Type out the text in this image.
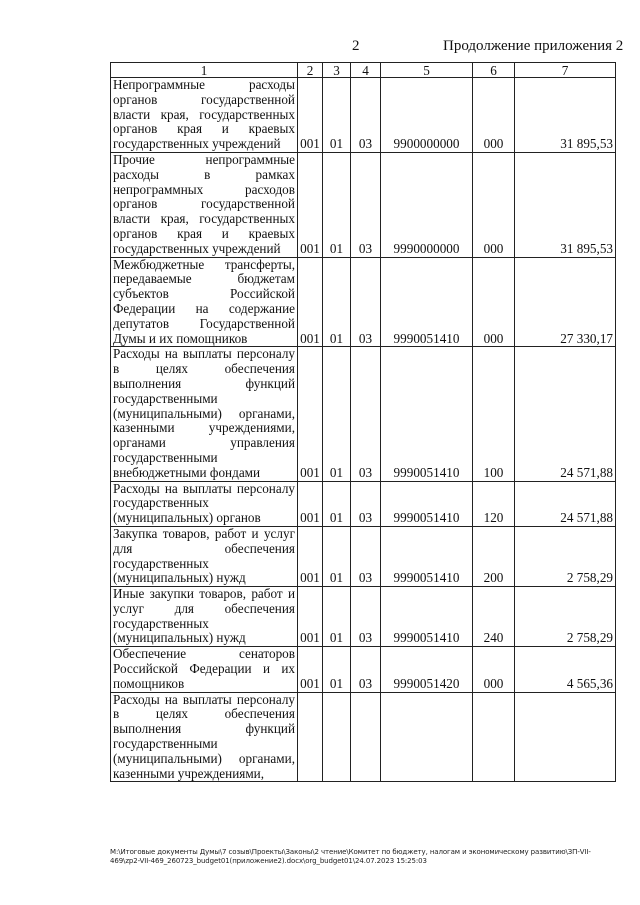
2	Продолжение приложения 2
1	2	3	4	5	6	7
Непрограммные расходы органов государственной власти края, государственных органов края и краевых государственных учреждений	001	01	03	9900000000	000	31 895,53
Прочие непрограммные расходы в рамках непрограммных расходов органов государственной власти края, государственных органов края и краевых государственных учреждений	001	01	03	9990000000	000	31 895,53
Межбюджетные трансферты, передаваемые бюджетам субъектов Российской Федерации на содержание депутатов Государственной Думы и их помощников	001	01	03	9990051410	000	27 330,17
Расходы на выплаты персоналу в целях обеспечения выполнения функций государственными (муниципальными) органами, казенными учреждениями, органами управления государственными внебюджетными фондами	001	01	03	9990051410	100	24 571,88
Расходы на выплаты персоналу государственных (муниципальных) органов	001	01	03	9990051410	120	24 571,88
Закупка товаров, работ и услуг для обеспечения государственных (муниципальных) нужд	001	01	03	9990051410	200	2 758,29
Иные закупки товаров, работ и услуг для обеспечения государственных (муниципальных) нужд	001	01	03	9990051410	240	2 758,29
Обеспечение сенаторов Российской Федерации и их помощников	001	01	03	9990051420	000	4 565,36
Расходы на выплаты персоналу в целях обеспечения выполнения функций государственными (муниципальными) органами, казенными учреждениями,						
М:\Итоговые документы Думы\7 созыв\Проекты\Законы\2 чтение\Комитет по бюджету, налогам и экономическому развитию\ЗП-VII-469\zp2-VII-469_260723_budget01(приложение2).docx\org_budget01\24.07.2023 15:25:03
